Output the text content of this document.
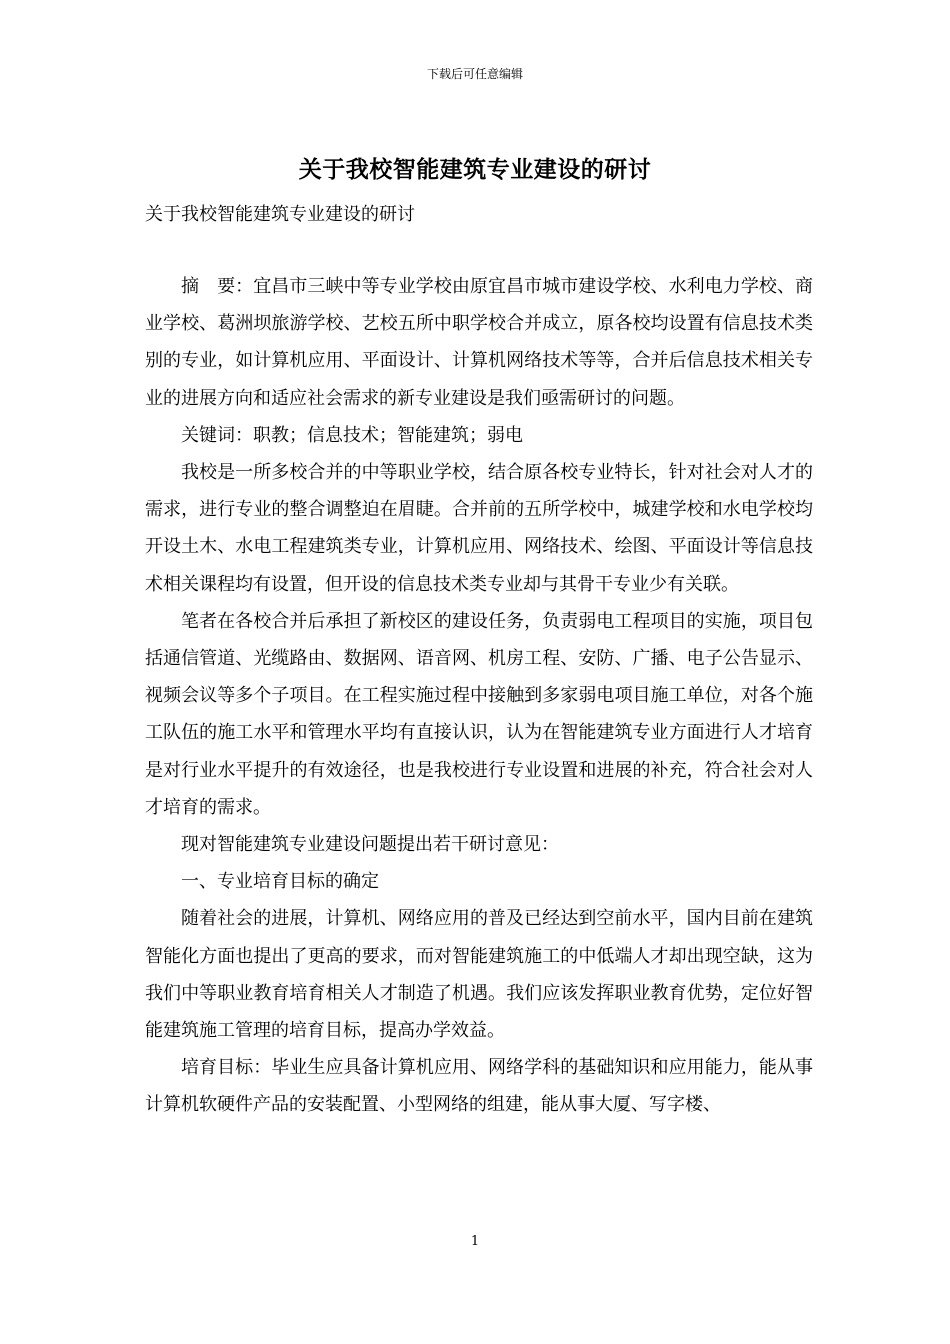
下载后可任意编辑
关于我校智能建筑专业建设的研讨
关于我校智能建筑专业建设的研讨

摘　要：宜昌市三峡中等专业学校由原宜昌市城市建设学校、水利电力学校、商业学校、葛洲坝旅游学校、艺校五所中职学校合并成立，原各校均设置有信息技术类别的专业，如计算机应用、平面设计、计算机网络技术等等，合并后信息技术相关专业的进展方向和适应社会需求的新专业建设是我们亟需研讨的问题。

关键词：职教；信息技术；智能建筑；弱电

我校是一所多校合并的中等职业学校，结合原各校专业特长，针对社会对人才的需求，进行专业的整合调整迫在眉睫。合并前的五所学校中，城建学校和水电学校均开设土木、水电工程建筑类专业，计算机应用、网络技术、绘图、平面设计等信息技术相关课程均有设置，但开设的信息技术类专业却与其骨干专业少有关联。

笔者在各校合并后承担了新校区的建设任务，负责弱电工程项目的实施，项目包括通信管道、光缆路由、数据网、语音网、机房工程、安防、广播、电子公告显示、视频会议等多个子项目。在工程实施过程中接触到多家弱电项目施工单位，对各个施工队伍的施工水平和管理水平均有直接认识，认为在智能建筑专业方面进行人才培育是对行业水平提升的有效途径，也是我校进行专业设置和进展的补充，符合社会对人才培育的需求。

现对智能建筑专业建设问题提出若干研讨意见：

一、专业培育目标的确定

随着社会的进展，计算机、网络应用的普及已经达到空前水平，国内目前在建筑智能化方面也提出了更高的要求，而对智能建筑施工的中低端人才却出现空缺，这为我们中等职业教育培育相关人才制造了机遇。我们应该发挥职业教育优势，定位好智能建筑施工管理的培育目标，提高办学效益。

培育目标：毕业生应具备计算机应用、网络学科的基础知识和应用能力，能从事计算机软硬件产品的安装配置、小型网络的组建，能从事大厦、写字楼、

1
